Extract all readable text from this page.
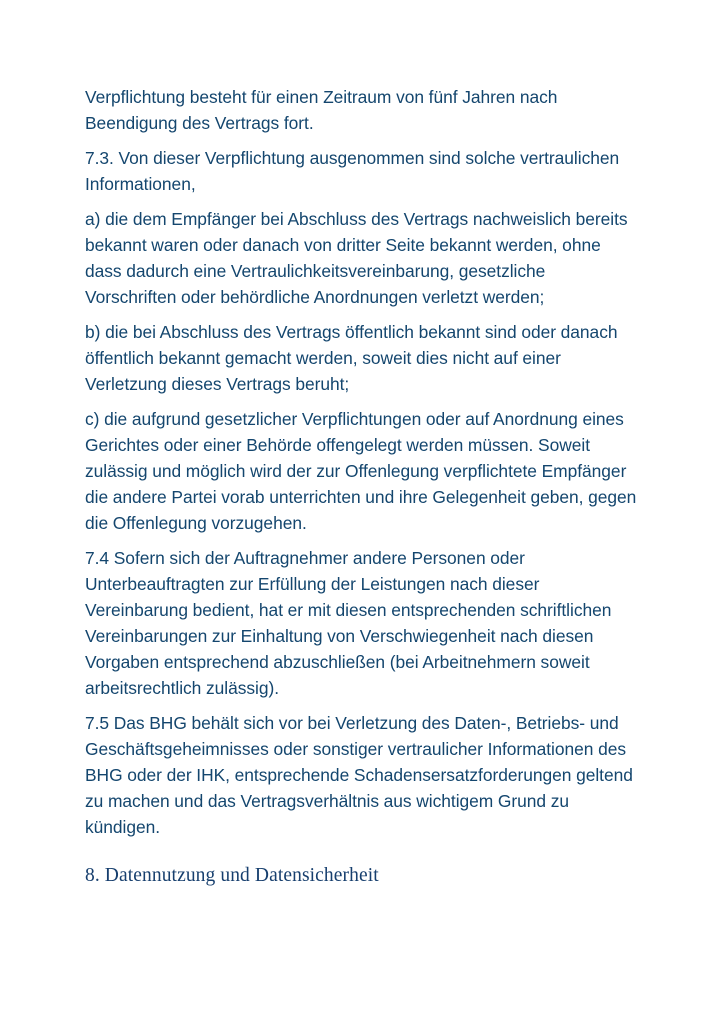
Verpflichtung besteht für einen Zeitraum von fünf Jahren nach Beendigung des Vertrags fort.

7.3. Von dieser Verpflichtung ausgenommen sind solche vertraulichen Informationen,

a) die dem Empfänger bei Abschluss des Vertrags nachweislich bereits bekannt waren oder danach von dritter Seite bekannt werden, ohne dass dadurch eine Vertraulichkeitsvereinbarung, gesetzliche Vorschriften oder behördliche Anordnungen verletzt werden;

b) die bei Abschluss des Vertrags öffentlich bekannt sind oder danach öffentlich bekannt gemacht werden, soweit dies nicht auf einer Verletzung dieses Vertrags beruht;

c) die aufgrund gesetzlicher Verpflichtungen oder auf Anordnung eines Gerichtes oder einer Behörde offengelegt werden müssen. Soweit zulässig und möglich wird der zur Offenlegung verpflichtete Empfänger die andere Partei vorab unterrichten und ihre Gelegenheit geben, gegen die Offenlegung vorzugehen.

7.4 Sofern sich der Auftragnehmer andere Personen oder Unterbeauftragten zur Erfüllung der Leistungen nach dieser Vereinbarung bedient, hat er mit diesen entsprechenden schriftlichen Vereinbarungen zur Einhaltung von Verschwiegenheit nach diesen Vorgaben entsprechend abzuschließen (bei Arbeitnehmern soweit arbeitsrechtlich zulässig).

7.5 Das BHG behält sich vor bei Verletzung des Daten-, Betriebs- und Geschäftsgeheimnisses oder sonstiger vertraulicher Informationen des BHG oder der IHK, entsprechende Schadensersatzforderungen geltend zu machen und das Vertragsverhältnis aus wichtigem Grund zu kündigen.

8. Datennutzung und Datensicherheit
